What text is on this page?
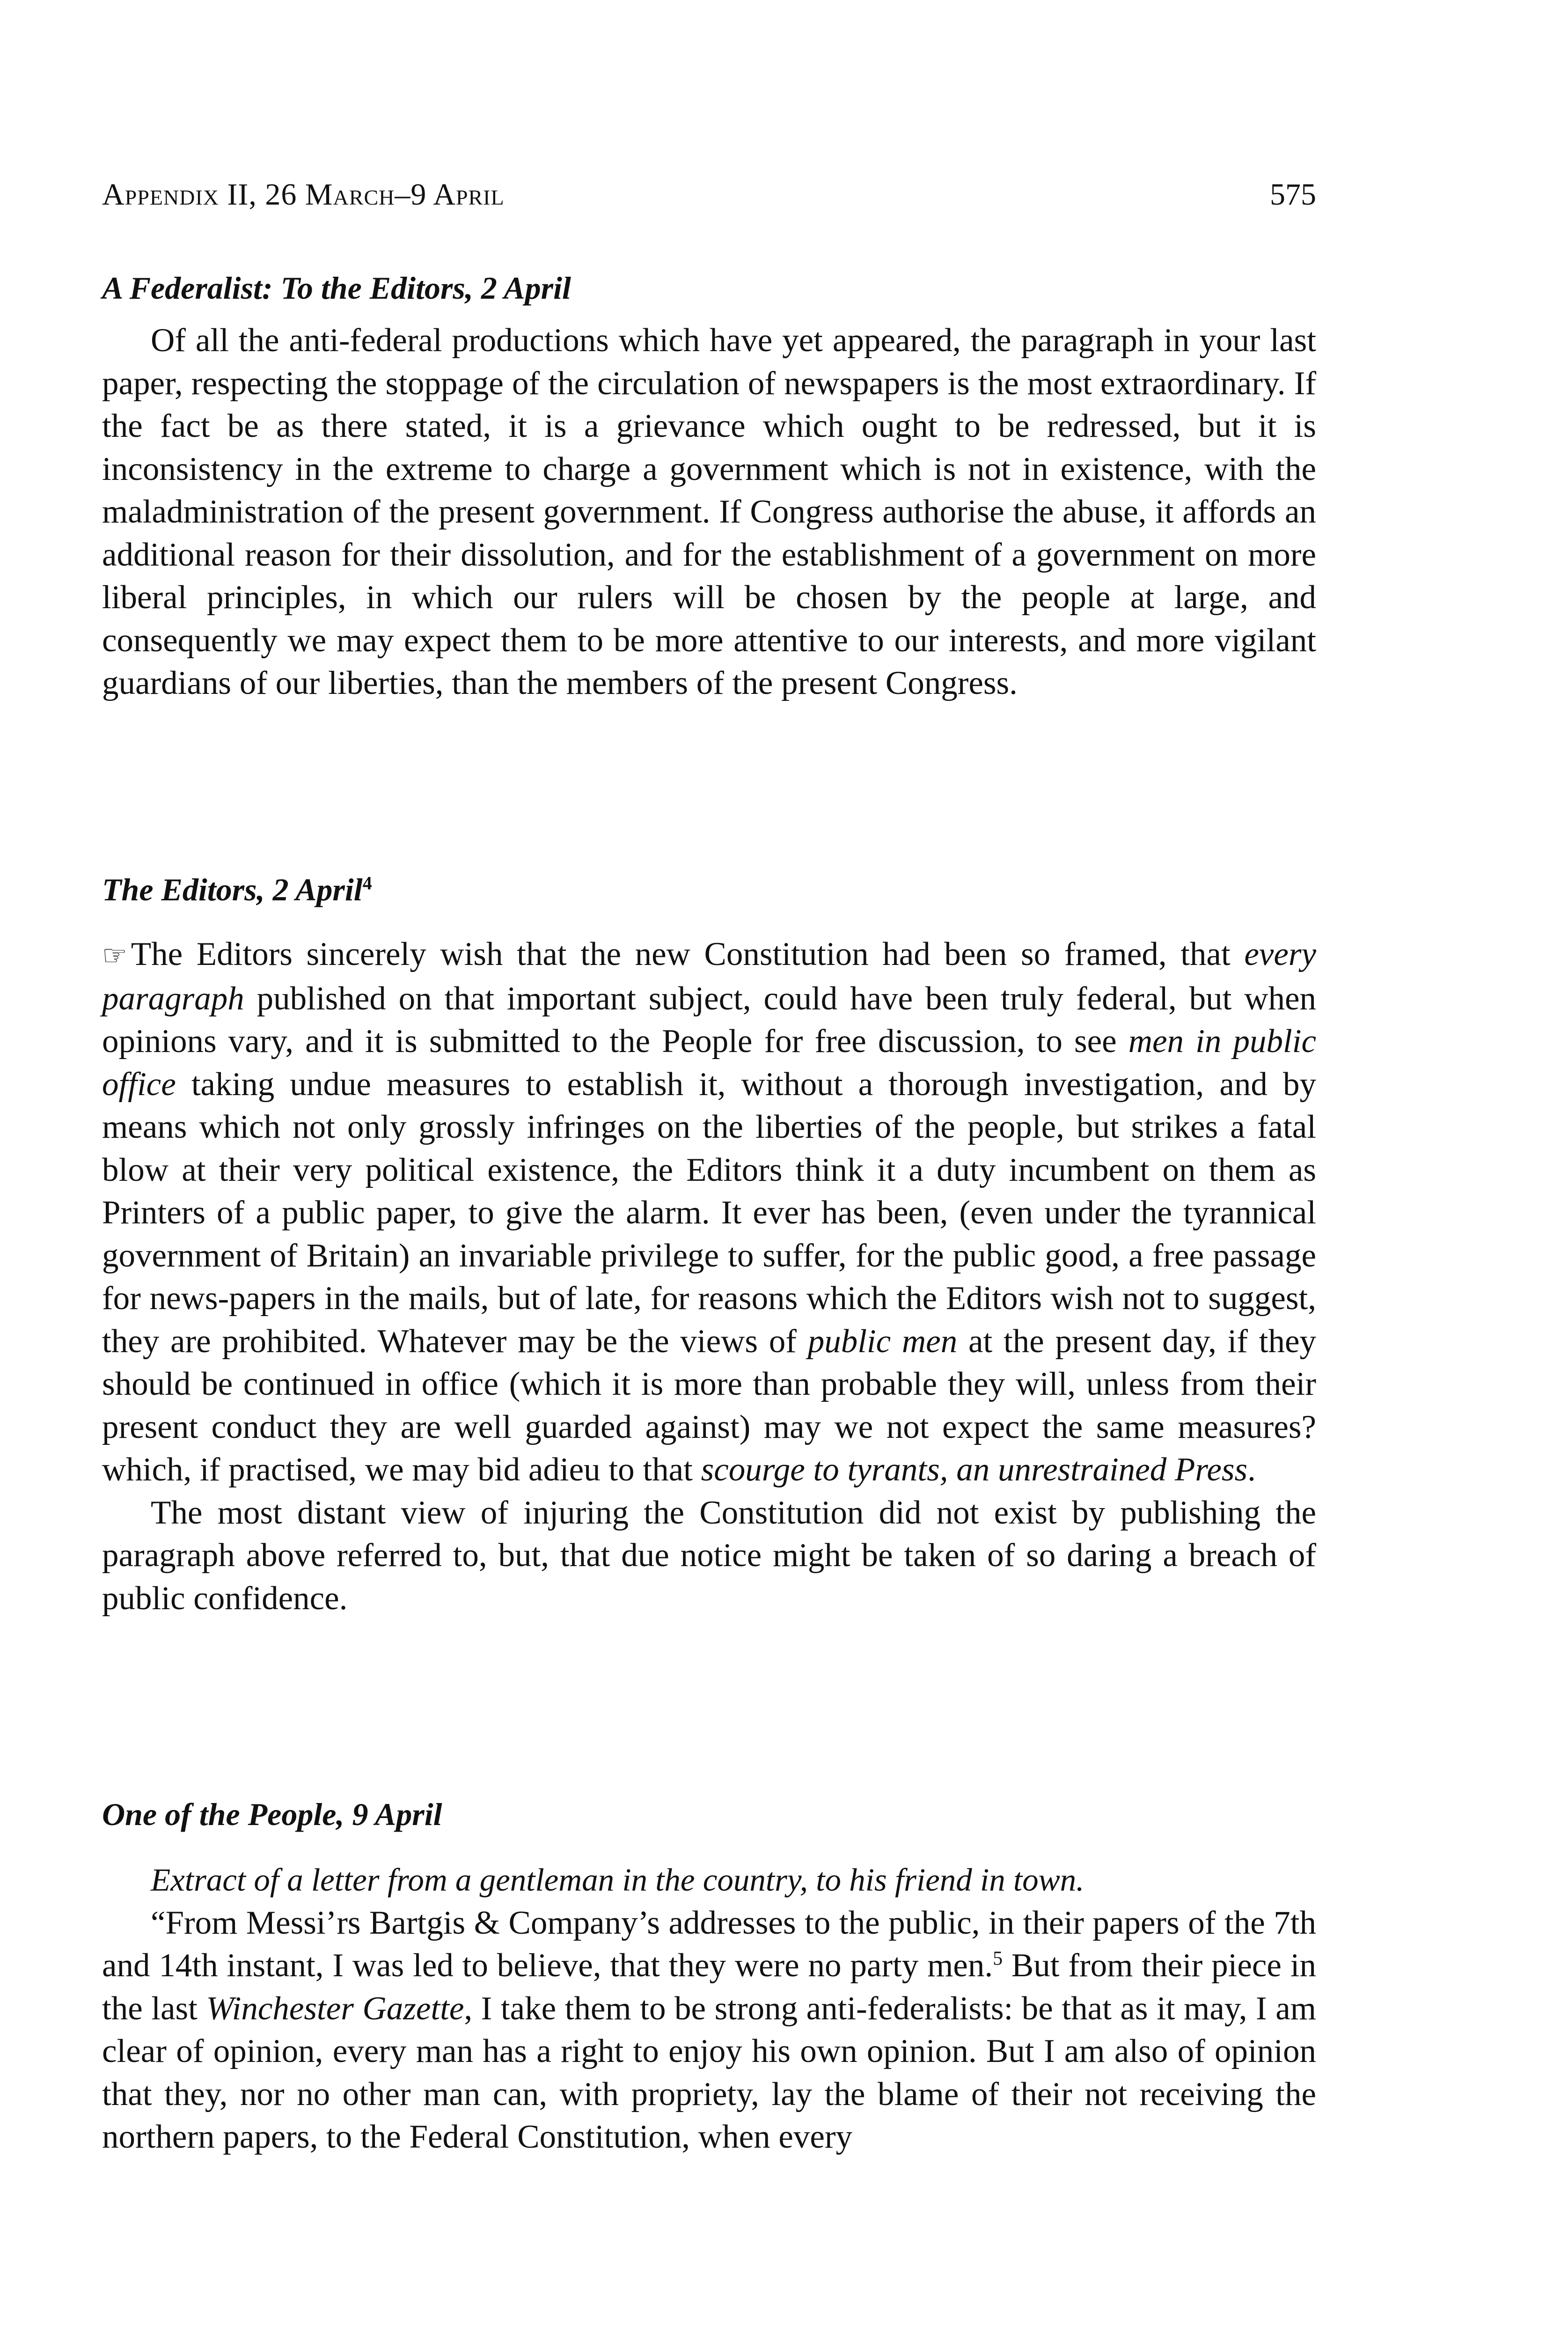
Appendix II, 26 March–9 April	575
A Federalist: To the Editors, 2 April

Of all the anti-federal productions which have yet appeared, the paragraph in your last paper, respecting the stoppage of the circulation of newspapers is the most extraordinary. If the fact be as there stated, it is a grievance which ought to be redressed, but it is inconsistency in the extreme to charge a government which is not in existence, with the maladministration of the present government. If Congress authorise the abuse, it affords an additional reason for their dissolution, and for the establishment of a government on more liberal principles, in which our rulers will be chosen by the people at large, and consequently we may expect them to be more attentive to our interests, and more vigilant guardians of our liberties, than the members of the present Congress.

The Editors, 2 April$^4$

☞ The Editors sincerely wish that the new Constitution had been so framed, that every paragraph published on that important subject, could have been truly federal, but when opinions vary, and it is submitted to the People for free discussion, to see men in public office taking undue measures to establish it, without a thorough investigation, and by means which not only grossly infringes on the liberties of the people, but strikes a fatal blow at their very political existence, the Editors think it a duty incumbent on them as Printers of a public paper, to give the alarm. It ever has been, (even under the tyrannical government of Britain) an invariable privilege to suffer, for the public good, a free passage for news-papers in the mails, but of late, for reasons which the Editors wish not to suggest, they are prohibited. Whatever may be the views of public men at the present day, if they should be continued in office (which it is more than probable they will, unless from their present conduct they are well guarded against) may we not expect the same measures? which, if practised, we may bid adieu to that scourge to tyrants, an unrestrained Press.

The most distant view of injuring the Constitution did not exist by publishing the paragraph above referred to, but, that due notice might be taken of so daring a breach of public confidence.

One of the People, 9 April

Extract of a letter from a gentleman in the country, to his friend in town.

“From Messi’rs Bartgis & Company’s addresses to the public, in their papers of the 7th and 14th instant, I was led to believe, that they were no party men.$^5$ But from their piece in the last Winchester Gazette, I take them to be strong anti-federalists: be that as it may, I am clear of opinion, every man has a right to enjoy his own opinion. But I am also of opinion that they, nor no other man can, with propriety, lay the blame of their not receiving the northern papers, to the Federal Constitution, when every
